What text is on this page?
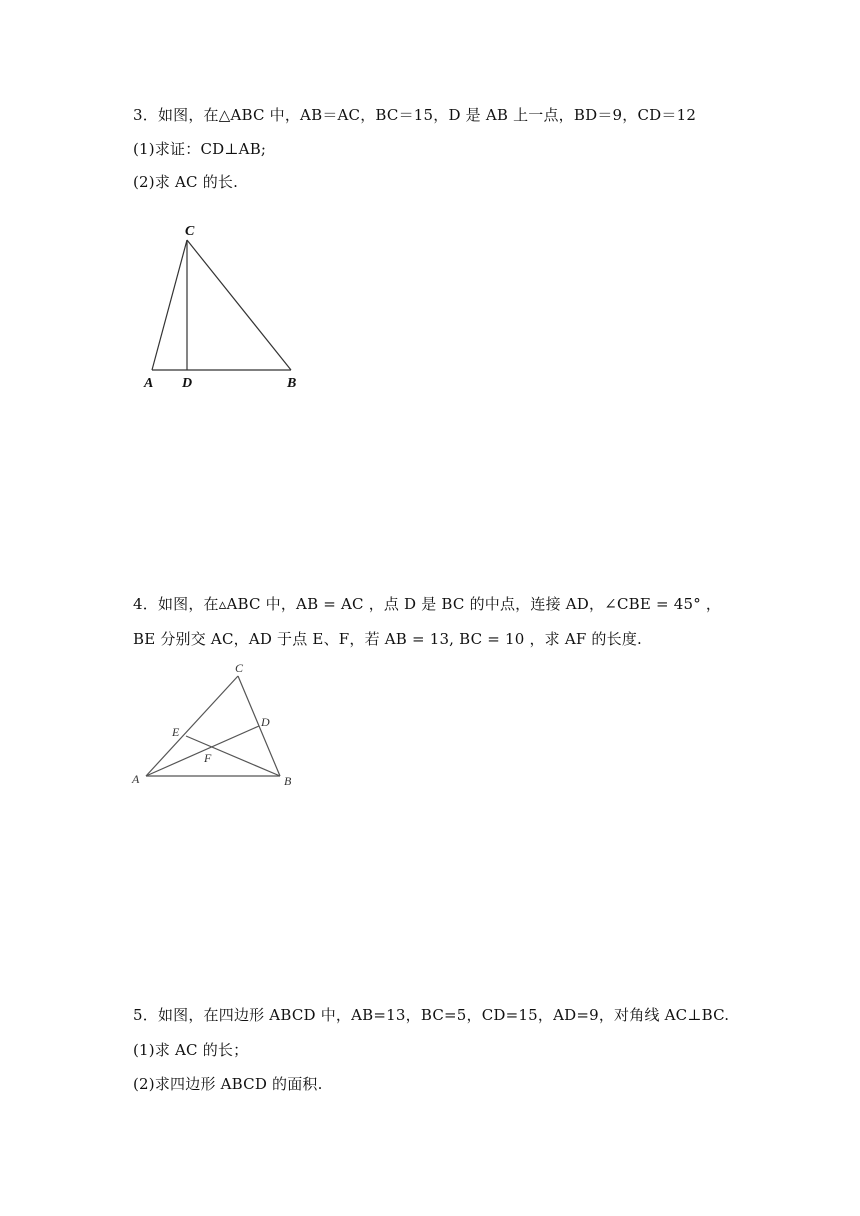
3．如图，在△ABC 中，AB＝AC，BC＝15，D 是 AB 上一点，BD＝9，CD＝12
(1)求证：CD⊥AB;
(2)求 AC 的长.
C
A D	B
4．如图，在▵ABC 中，AB = AC ，点 D 是 BC 的中点，连接 AD，∠CBE = 45° ，
BE 分别交 AC，AD 于点 E、F，若 AB = 13, BC = 10 ，求 AF 的长度.
C
D
E
F
A	B
5．如图，在四边形 ABCD 中，AB=13，BC=5，CD=15，AD=9，对角线 AC⊥BC.
(1)求 AC 的长；
(2)求四边形 ABCD 的面积.
